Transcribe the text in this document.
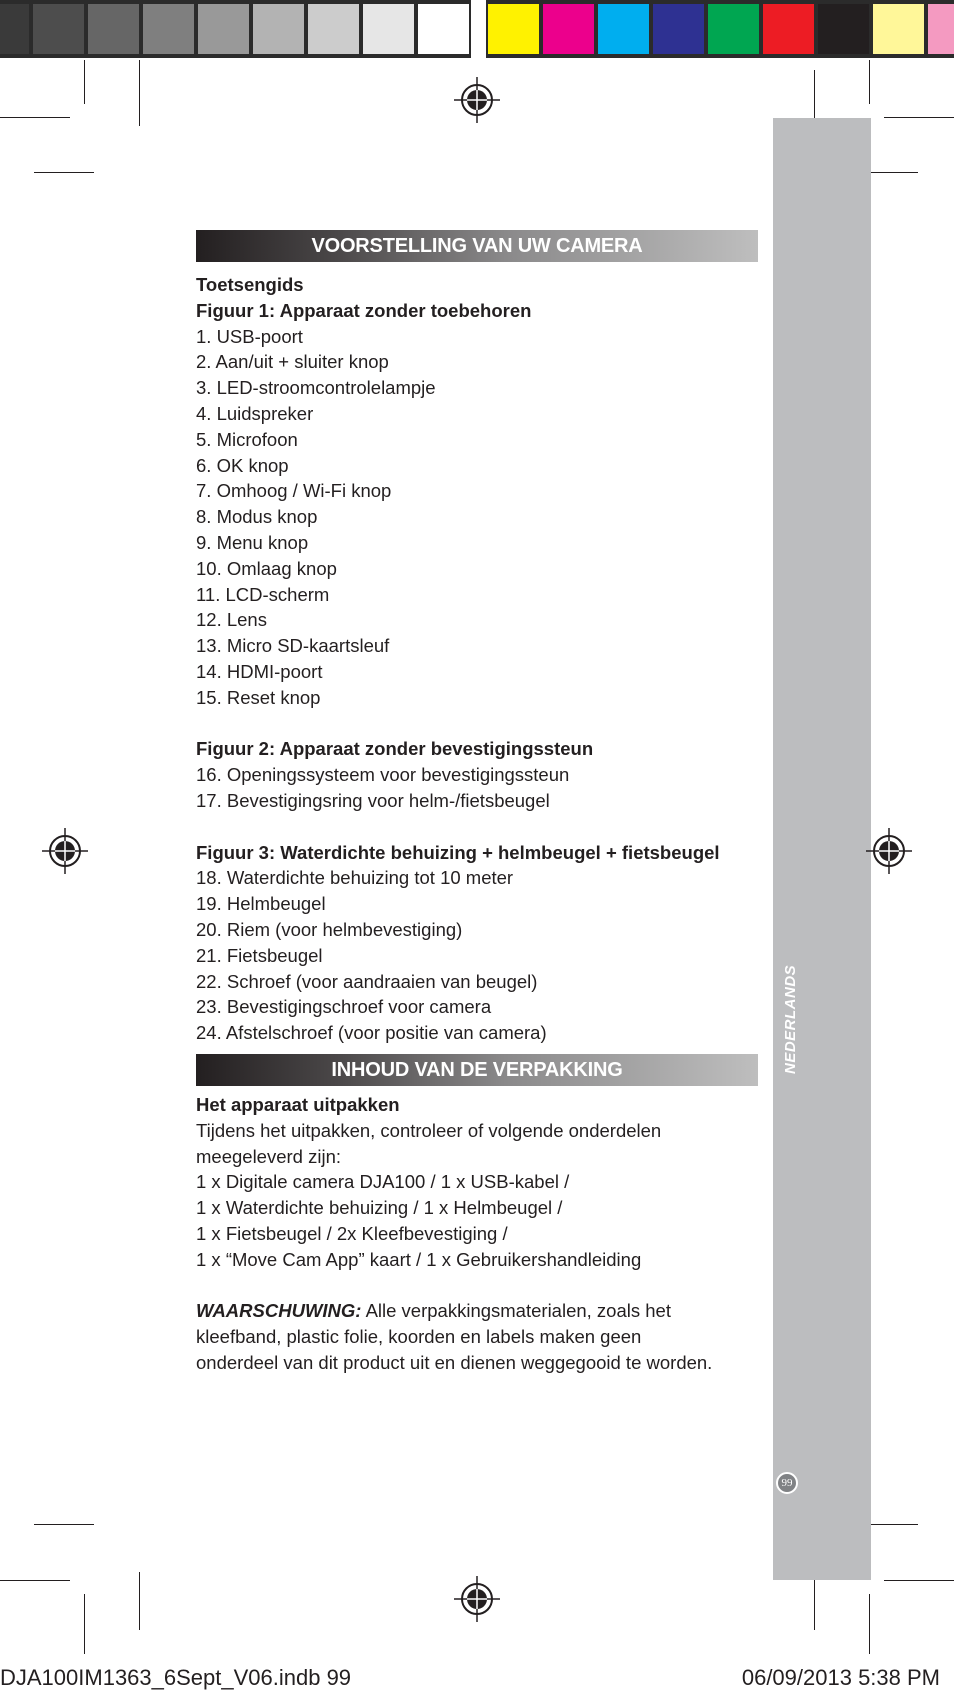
NEDERLANDS
99
VOORSTELLING VAN UW CAMERA
Toetsengids
Figuur 1: Apparaat zonder toebehoren
1. USB-poort
2. Aan/uit + sluiter knop
3. LED-stroomcontrolelampje
4. Luidspreker
5. Microfoon
6. OK knop
7. Omhoog / Wi-Fi knop
8. Modus knop
9. Menu knop
10. Omlaag knop
11. LCD-scherm
12. Lens
13. Micro SD-kaartsleuf
14. HDMI-poort
15. Reset knop
Figuur 2: Apparaat zonder bevestigingssteun
16. Openingssysteem voor bevestigingssteun
17. Bevestigingsring voor helm-/fietsbeugel
Figuur 3: Waterdichte behuizing + helmbeugel + fietsbeugel
18. Waterdichte behuizing tot 10 meter
19. Helmbeugel
20. Riem (voor helmbevestiging)
21. Fietsbeugel
22. Schroef (voor aandraaien van beugel)
23. Bevestigingschroef voor camera
24. Afstelschroef (voor positie van camera)
INHOUD VAN DE VERPAKKING
Het apparaat uitpakken
Tijdens het uitpakken, controleer of volgende onderdelen
meegeleverd zijn:
1 x Digitale camera DJA100 / 1 x USB-kabel /
1 x Waterdichte behuizing / 1 x Helmbeugel /
1 x Fietsbeugel / 2x Kleefbevestiging /
1 x “Move Cam App” kaart / 1 x Gebruikershandleiding
WAARSCHUWING: Alle verpakkingsmaterialen, zoals het
kleefband, plastic folie, koorden en labels maken geen
onderdeel van dit product uit en dienen weggegooid te worden.
DJA100IM1363_6Sept_V06.indb 99	06/09/2013 5:38 PM
